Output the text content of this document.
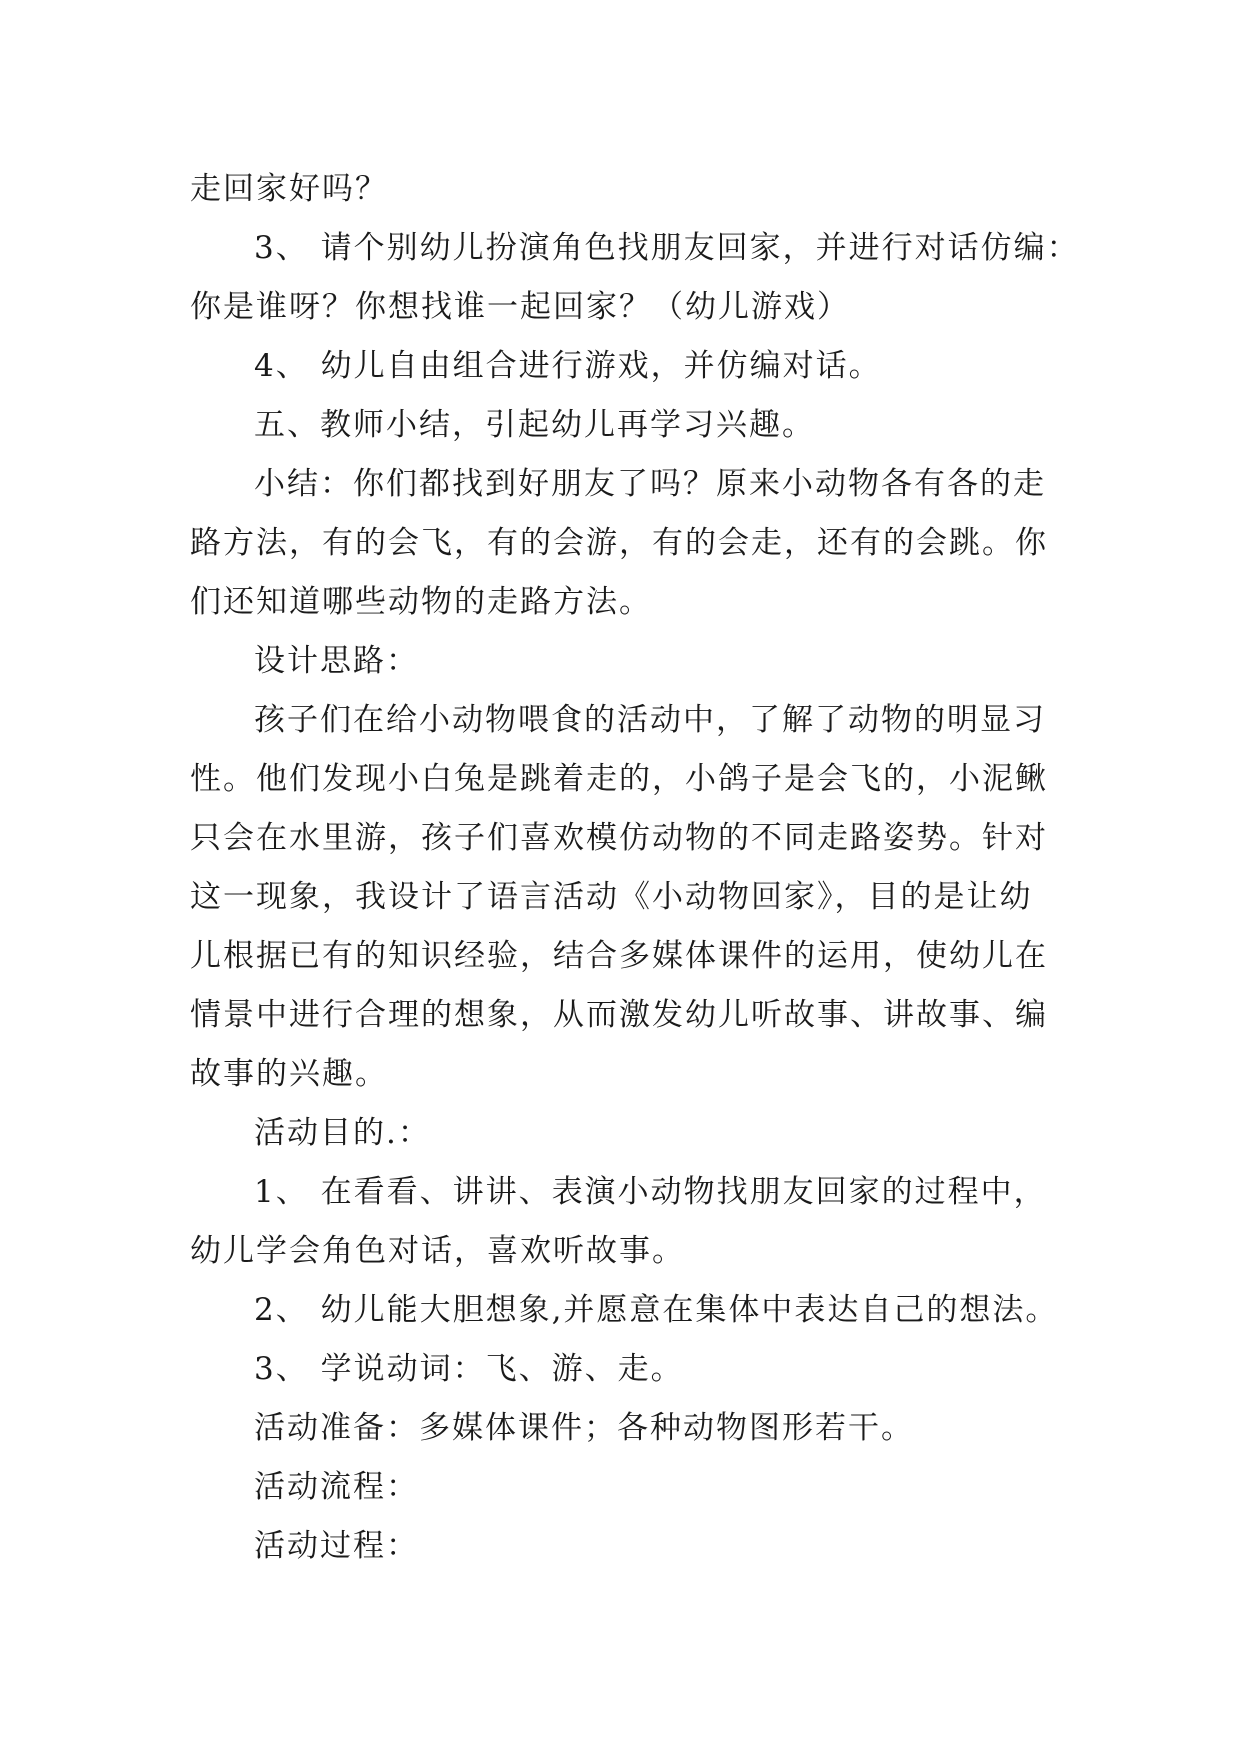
走回家好吗？
3、 请个别幼儿扮演角色找朋友回家，并进行对话仿编：
你是谁呀？你想找谁一起回家？（幼儿游戏）
4、 幼儿自由组合进行游戏，并仿编对话。
五、教师小结，引起幼儿再学习兴趣。
小结：你们都找到好朋友了吗？原来小动物各有各的走
路方法，有的会飞，有的会游，有的会走，还有的会跳。你
们还知道哪些动物的走路方法。
设计思路：
孩子们在给小动物喂食的活动中，了解了动物的明显习
性。他们发现小白兔是跳着走的，小鸽子是会飞的，小泥鳅
只会在水里游，孩子们喜欢模仿动物的不同走路姿势。针对
这一现象，我设计了语言活动《小动物回家》，目的是让幼
儿根据已有的知识经验，结合多媒体课件的运用，使幼儿在
情景中进行合理的想象，从而激发幼儿听故事、讲故事、编
故事的兴趣。
活动目的.：
1、 在看看、讲讲、表演小动物找朋友回家的过程中，
幼儿学会角色对话，喜欢听故事。
2、 幼儿能大胆想象,并愿意在集体中表达自己的想法。
3、 学说动词：飞、游、走。
活动准备：多媒体课件；各种动物图形若干。
活动流程：
活动过程：
